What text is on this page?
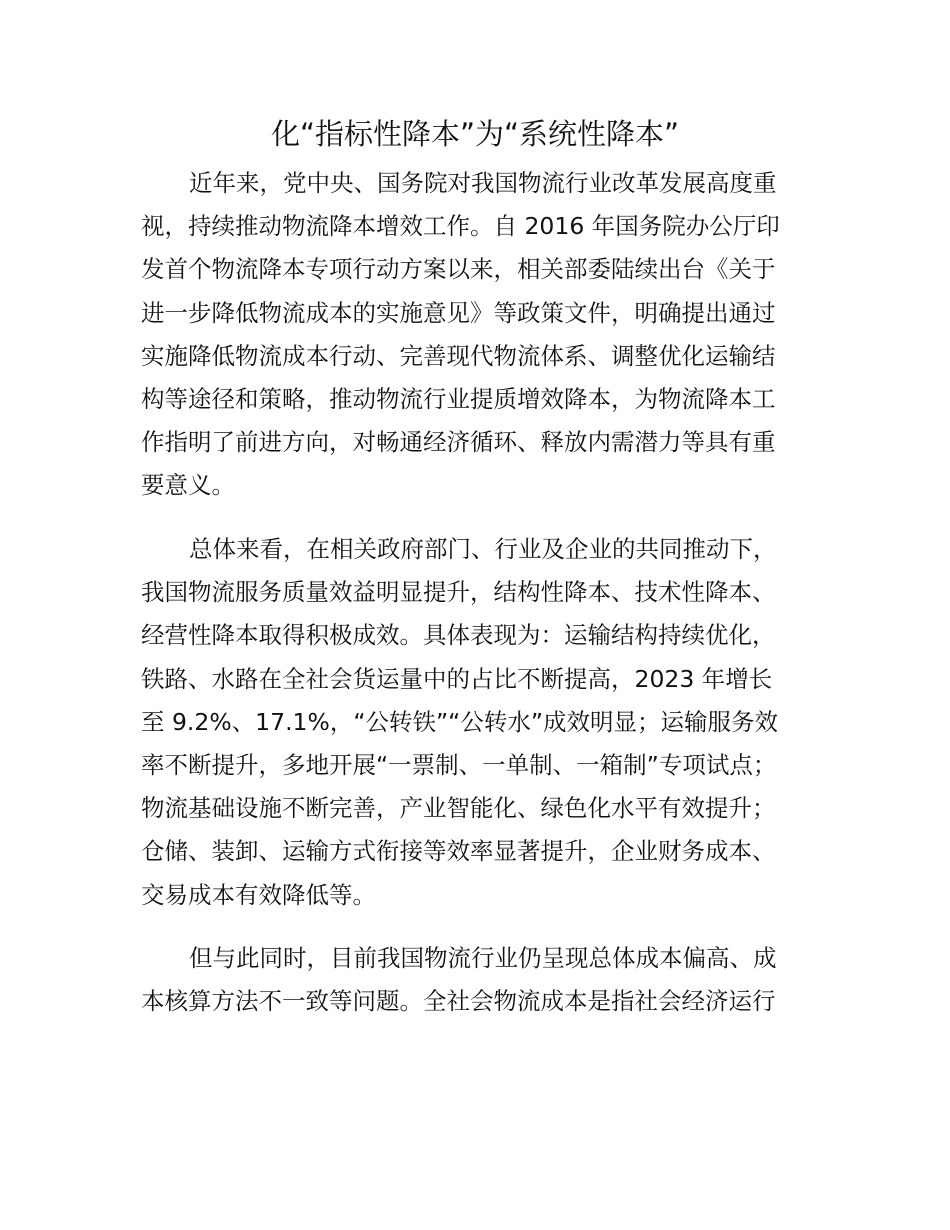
化“指标性降本”为“系统性降本”
近年来，党中央、国务院对我国物流行业改革发展高度重
视，持续推动物流降本增效工作。自 2016 年国务院办公厅印
发首个物流降本专项行动方案以来，相关部委陆续出台《关于
进一步降低物流成本的实施意见》等政策文件，明确提出通过
实施降低物流成本行动、完善现代物流体系、调整优化运输结
构等途径和策略，推动物流行业提质增效降本，为物流降本工
作指明了前进方向，对畅通经济循环、释放内需潜力等具有重
要意义。
总体来看，在相关政府部门、行业及企业的共同推动下，
我国物流服务质量效益明显提升，结构性降本、技术性降本、
经营性降本取得积极成效。具体表现为：运输结构持续优化，
铁路、水路在全社会货运量中的占比不断提高，2023 年增长
至 9.2%、17.1%，“公转铁”“公转水”成效明显；运输服务效
率不断提升，多地开展“一票制、一单制、一箱制”专项试点；
物流基础设施不断完善，产业智能化、绿色化水平有效提升；
仓储、装卸、运输方式衔接等效率显著提升，企业财务成本、
交易成本有效降低等。
但与此同时，目前我国物流行业仍呈现总体成本偏高、成
本核算方法不一致等问题。全社会物流成本是指社会经济运行
